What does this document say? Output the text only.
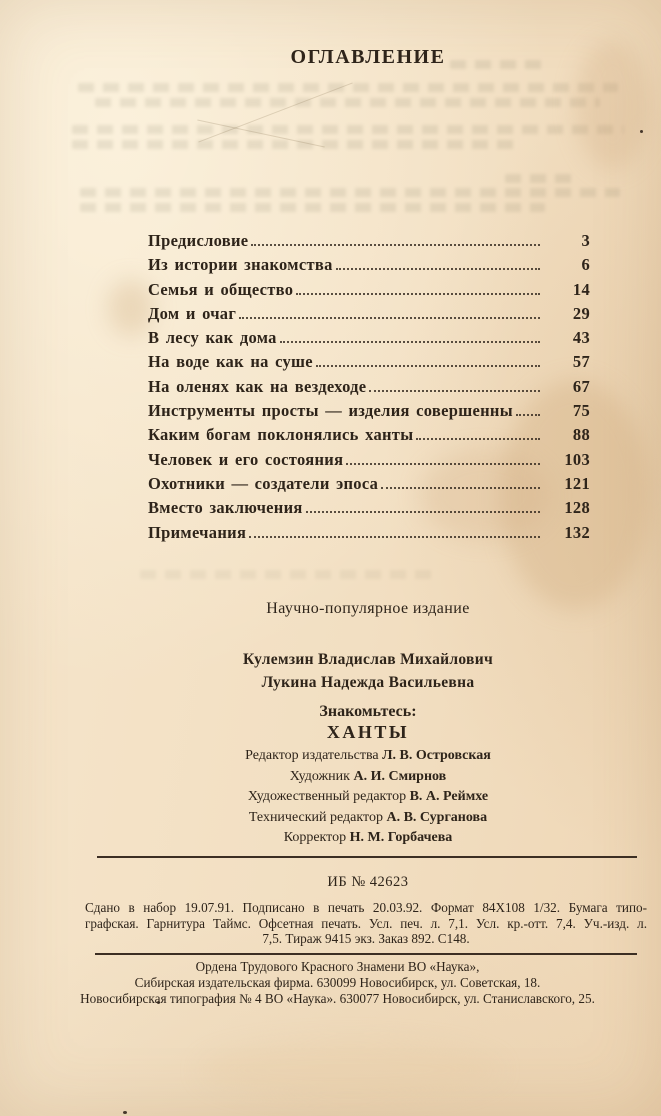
ОГЛАВЛЕНИЕ
Предисловие	3
Из истории знакомства	6
Семья и общество	14
Дом и очаг	29
В лесу как дома	43
На воде как на суше	57
На оленях как на вездеходе	67
Инструменты просты — изделия совершенны	75
Каким богам поклонялись ханты	88
Человек и его состояния	103
Охотники — создатели эпоса	121
Вместо заключения	128
Примечания	132
Научно-популярное издание
Кулемзин Владислав Михайлович
Лукина Надежда Васильевна
Знакомьтесь:
ХАНТЫ
Редактор издательства Л. В. Островская
Художник А. И. Смирнов
Художественный редактор В. А. Реймхе
Технический редактор А. В. Сурганова
Корректор Н. М. Горбачева
ИБ № 42623
Сдано в набор 19.07.91. Подписано в печать 20.03.92. Формат 84Х108 1/32. Бумага типо-
графская. Гарнитура Таймс. Офсетная печать. Усл. печ. л. 7,1. Усл. кр.-отт. 7,4. Уч.-изд. л.
7,5. Тираж 9415 экз. Заказ 892. С148.
Ордена Трудового Красного Знамени ВО «Наука»,
Сибирская издательская фирма. 630099 Новосибирск, ул. Советская, 18.
Новосибирская типография № 4 ВО «Наука». 630077 Новосибирск, ул. Станиславского, 25.
